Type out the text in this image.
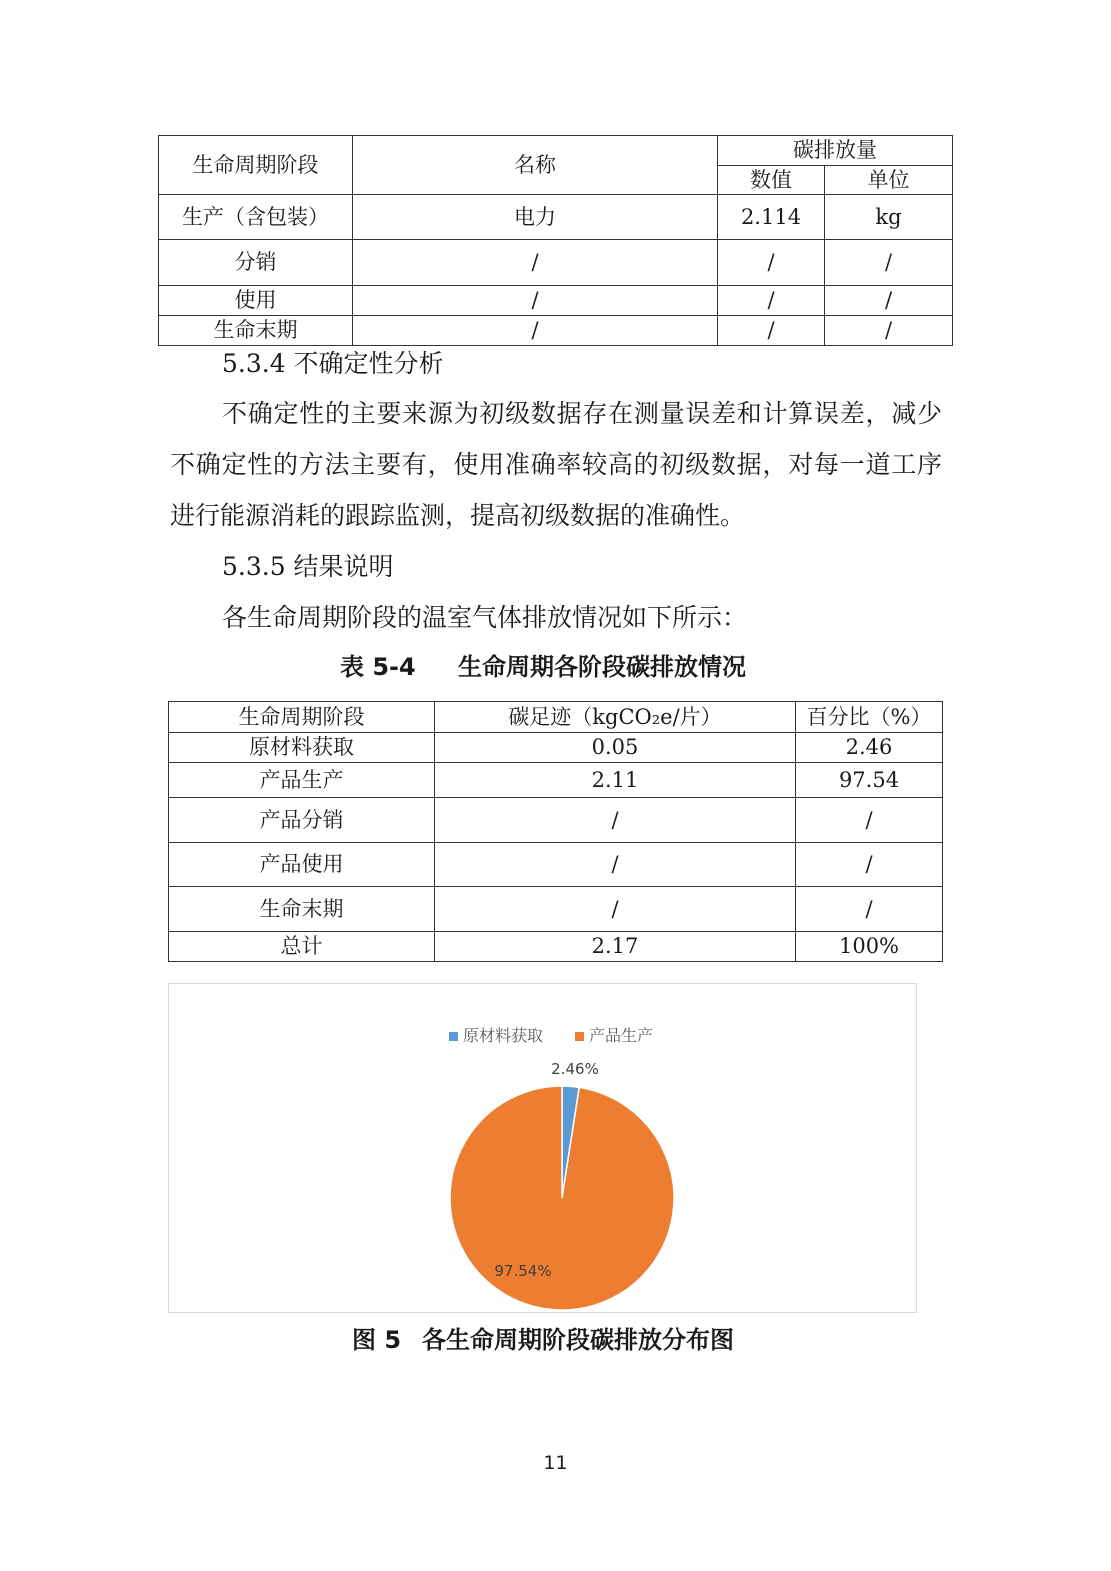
生命周期阶段	名称	碳排放量	
		数值	单位
生产（含包装）	电力	2.114	kg
分销	/	/	/
使用	/	/	/
生命末期	/	/	/
5.3.4 不确定性分析
不确定性的主要来源为初级数据存在测量误差和计算误差，减少不确定性的方法主要有，使用准确率较高的初级数据，对每一道工序进行能源消耗的跟踪监测，提高初级数据的准确性。
5.3.5 结果说明
各生命周期阶段的温室气体排放情况如下所示：
表 5-4 生命周期各阶段碳排放情况
生命周期阶段	碳足迹（kgCO₂e/片）	百分比（%）
原材料获取	0.05	2.46
产品生产	2.11	97.54
产品分销	/	/
产品使用	/	/
生命末期	/	/
总计	2.17	100%
原材料获取	产品生产
2.46%
97.54%
图 5 各生命周期阶段碳排放分布图
11
